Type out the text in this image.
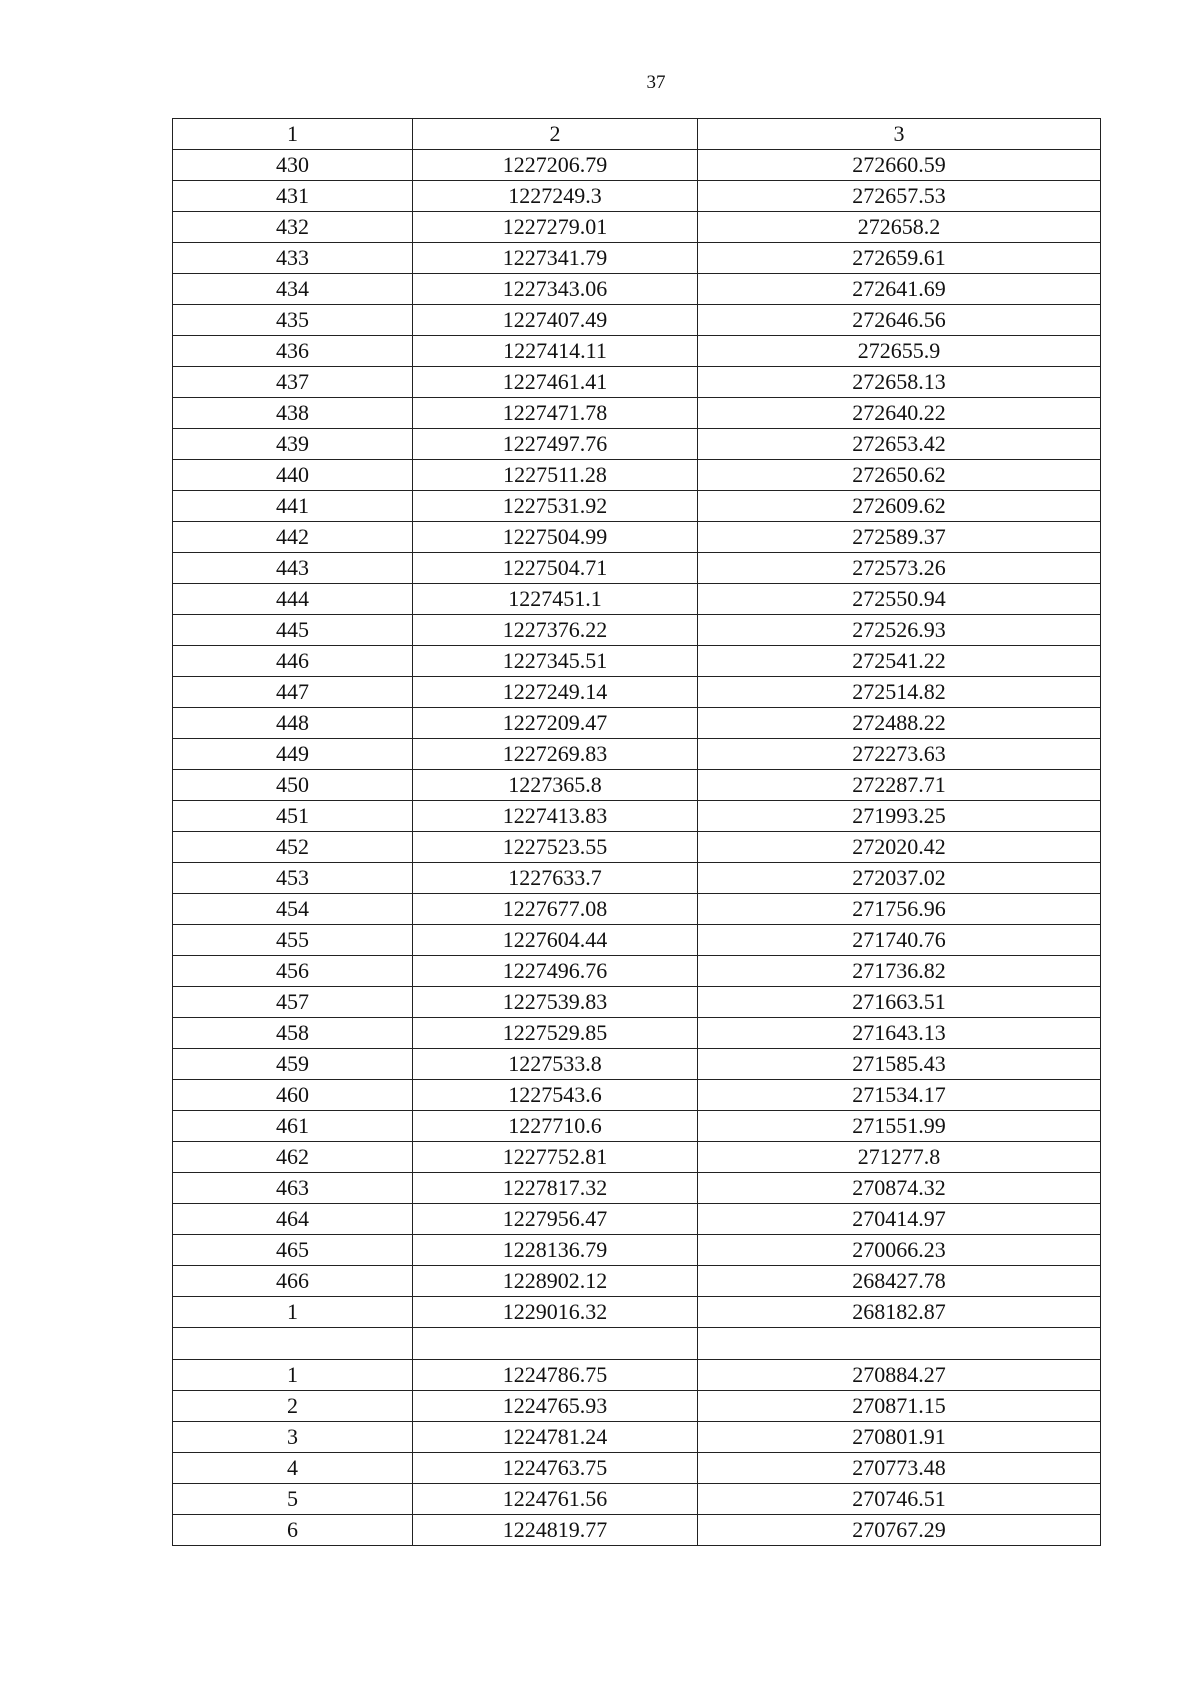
37
1	2	3
430	1227206.79	272660.59
431	1227249.3	272657.53
432	1227279.01	272658.2
433	1227341.79	272659.61
434	1227343.06	272641.69
435	1227407.49	272646.56
436	1227414.11	272655.9
437	1227461.41	272658.13
438	1227471.78	272640.22
439	1227497.76	272653.42
440	1227511.28	272650.62
441	1227531.92	272609.62
442	1227504.99	272589.37
443	1227504.71	272573.26
444	1227451.1	272550.94
445	1227376.22	272526.93
446	1227345.51	272541.22
447	1227249.14	272514.82
448	1227209.47	272488.22
449	1227269.83	272273.63
450	1227365.8	272287.71
451	1227413.83	271993.25
452	1227523.55	272020.42
453	1227633.7	272037.02
454	1227677.08	271756.96
455	1227604.44	271740.76
456	1227496.76	271736.82
457	1227539.83	271663.51
458	1227529.85	271643.13
459	1227533.8	271585.43
460	1227543.6	271534.17
461	1227710.6	271551.99
462	1227752.81	271277.8
463	1227817.32	270874.32
464	1227956.47	270414.97
465	1228136.79	270066.23
466	1228902.12	268427.78
1	1229016.32	268182.87

1	1224786.75	270884.27
2	1224765.93	270871.15
3	1224781.24	270801.91
4	1224763.75	270773.48
5	1224761.56	270746.51
6	1224819.77	270767.29
